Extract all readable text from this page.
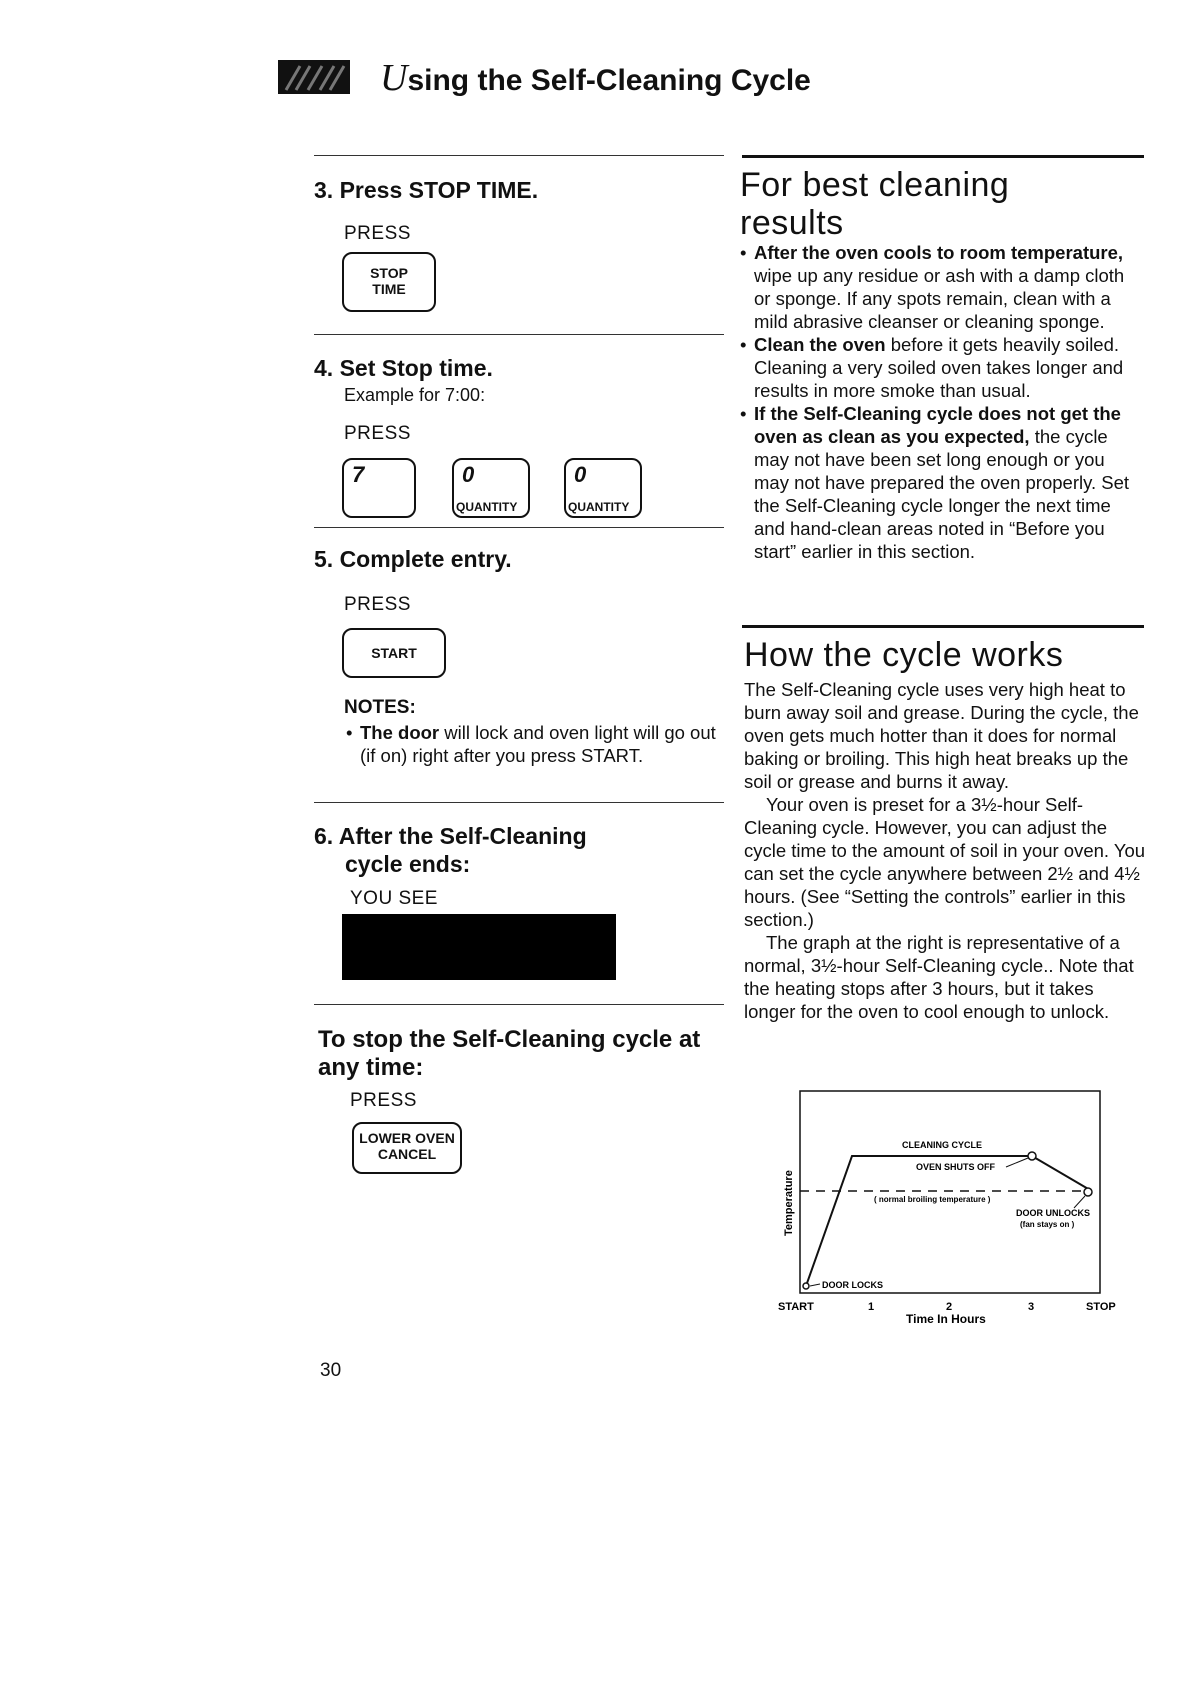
Using the Self-Cleaning Cycle
3. Press STOP TIME.
PRESS
STOP
TIME
4. Set Stop time.
Example for 7:00:
PRESS
7	0
QUANTITY
0
QUANTITY
5. Complete entry.
PRESS
START
NOTES:
• The door will lock and oven light will go out (if on) right after you press START.
6. After the Self-Cleaning
cycle ends:
YOU SEE
To stop the Self-Cleaning cycle at
any time:
PRESS
LOWER OVEN
CANCEL
30
For best cleaning
results
• After the oven cools to room temperature, wipe up any residue or ash with a damp cloth or sponge. If any spots remain, clean with a mild abrasive cleanser or cleaning sponge.
• Clean the oven before it gets heavily soiled. Cleaning a very soiled oven takes longer and results in more smoke than usual.
• If the Self-Cleaning cycle does not get the oven as clean as you expected, the cycle may not have been set long enough or you may not have prepared the oven properly. Set the Self-Cleaning cycle longer the next time and hand-clean areas noted in “Before you start” earlier in this section.
How the cycle works
The Self-Cleaning cycle uses very high heat to burn away soil and grease. During the cycle, the oven gets much hotter than it does for normal baking or broiling. This high heat breaks up the soil or grease and burns it away.
Your oven is preset for a 3½-hour Self-Cleaning cycle. However, you can adjust the cycle time to the amount of soil in your oven. You can set the cycle anywhere between 2½ and 4½ hours. (See “Setting the controls” earlier in this section.)
The graph at the right is representative of a normal, 3½-hour Self-Cleaning cycle.. Note that the heating stops after 3 hours, but it takes longer for the oven to cool enough to unlock.
CLEANING CYCLE
OVEN SHUTS OFF
( normal broiling temperature )
DOOR UNLOCKS
(fan stays on )
DOOR LOCKS
Temperature
START	1	2	3	STOP
Time In Hours
